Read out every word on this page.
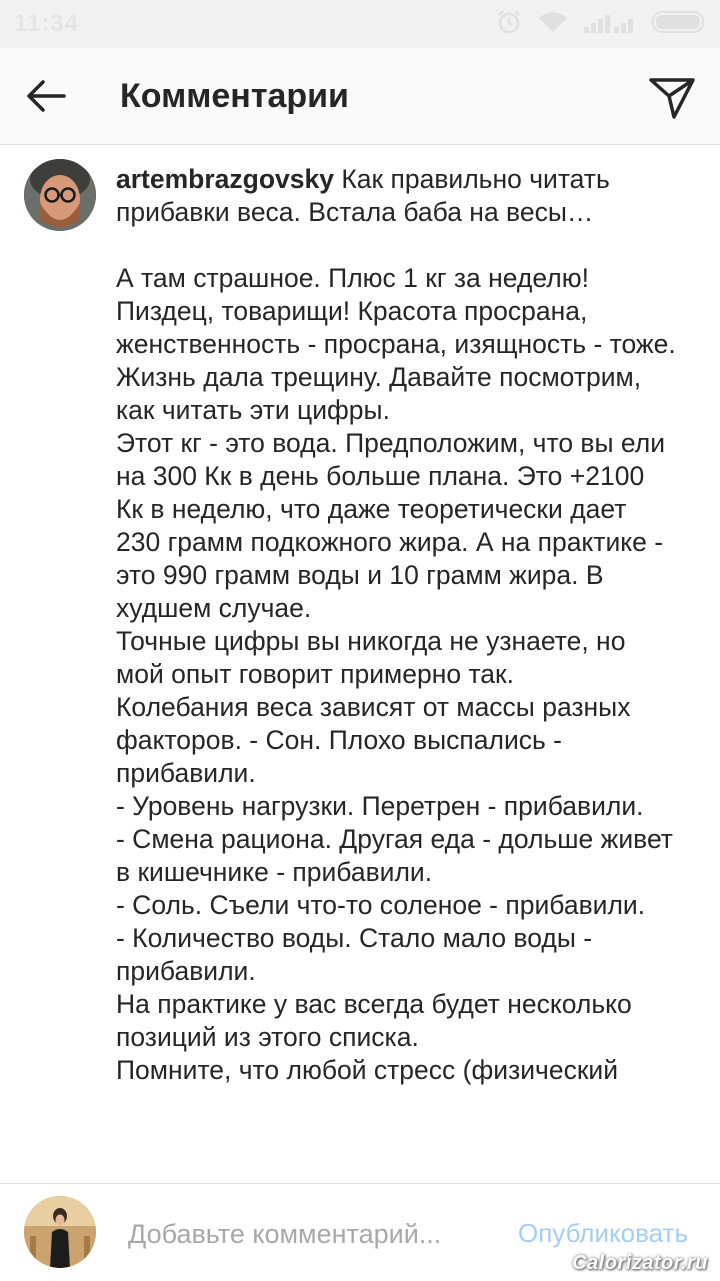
11:34
Комментарии
artembrazgovsky Как правильно читать прибавки веса. Встала баба на весы…

А там страшное. Плюс 1 кг за неделю! Пиздец, товарищи! Красота просрана, женственность - просрана, изящность - тоже. Жизнь дала трещину. Давайте посмотрим, как читать эти цифры.
Этот кг - это вода. Предположим, что вы ели на 300 Кк в день больше плана. Это +2100 Кк в неделю, что даже теоретически дает 230 грамм подкожного жира. А на практике - это 990 грамм воды и 10 грамм жира. В худшем случае.
Точные цифры вы никогда не узнаете, но мой опыт говорит примерно так.
Колебания веса зависят от массы разных факторов. - Сон. Плохо выспались - прибавили.
- Уровень нагрузки. Перетрен - прибавили.
- Смена рациона. Другая еда - дольше живет в кишечнике - прибавили.
- Соль. Съели что-то соленое - прибавили.
- Количество воды. Стало мало воды - прибавили.
На практике у вас всегда будет несколько позиций из этого списка.
Помните, что любой стресс (физический
Добавьте комментарий...
Опубликовать
Calorizator.ru
